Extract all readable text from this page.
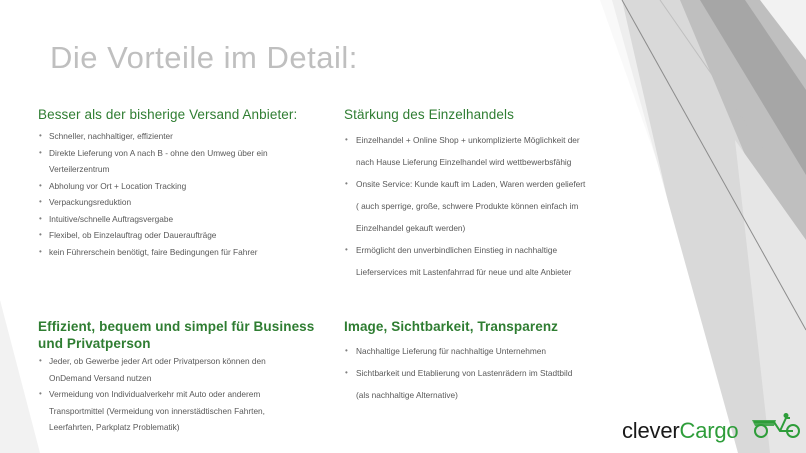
Die Vorteile im Detail:
Besser als der bisherige Versand Anbieter:
• Schneller, nachhaltiger, effizienter
• Direkte Lieferung von A nach B - ohne den Umweg über ein
Verteilerzentrum
• Abholung vor Ort + Location Tracking
• Verpackungsreduktion
• Intuitive/schnelle Auftragsvergabe
• Flexibel, ob Einzelauftrag oder Daueraufträge
• kein Führerschein benötigt, faire Bedingungen für Fahrer
Stärkung des Einzelhandels
• Einzelhandel + Online Shop + unkomplizierte Möglichkeit der
nach Hause Lieferung Einzelhandel wird wettbewerbsfähig
• Onsite Service: Kunde kauft im Laden, Waren werden geliefert
( auch sperrige, große, schwere Produkte können einfach im
Einzelhandel gekauft werden)
• Ermöglicht den unverbindlichen Einstieg in nachhaltige
Lieferservices mit Lastenfahrrad für neue und alte Anbieter
Effizient, bequem und simpel für Business und Privatperson
• Jeder, ob Gewerbe jeder Art oder Privatperson können den
OnDemand Versand nutzen
• Vermeidung von Individualverkehr mit Auto oder anderem
Transportmittel (Vermeidung von innerstädtischen Fahrten,
Leerfahrten, Parkplatz Problematik)
Image, Sichtbarkeit, Transparenz
• Nachhaltige Lieferung für nachhaltige Unternehmen
• Sichtbarkeit und Etablierung von Lastenrädern im Stadtbild
(als nachhaltige Alternative)
cleverCargo
